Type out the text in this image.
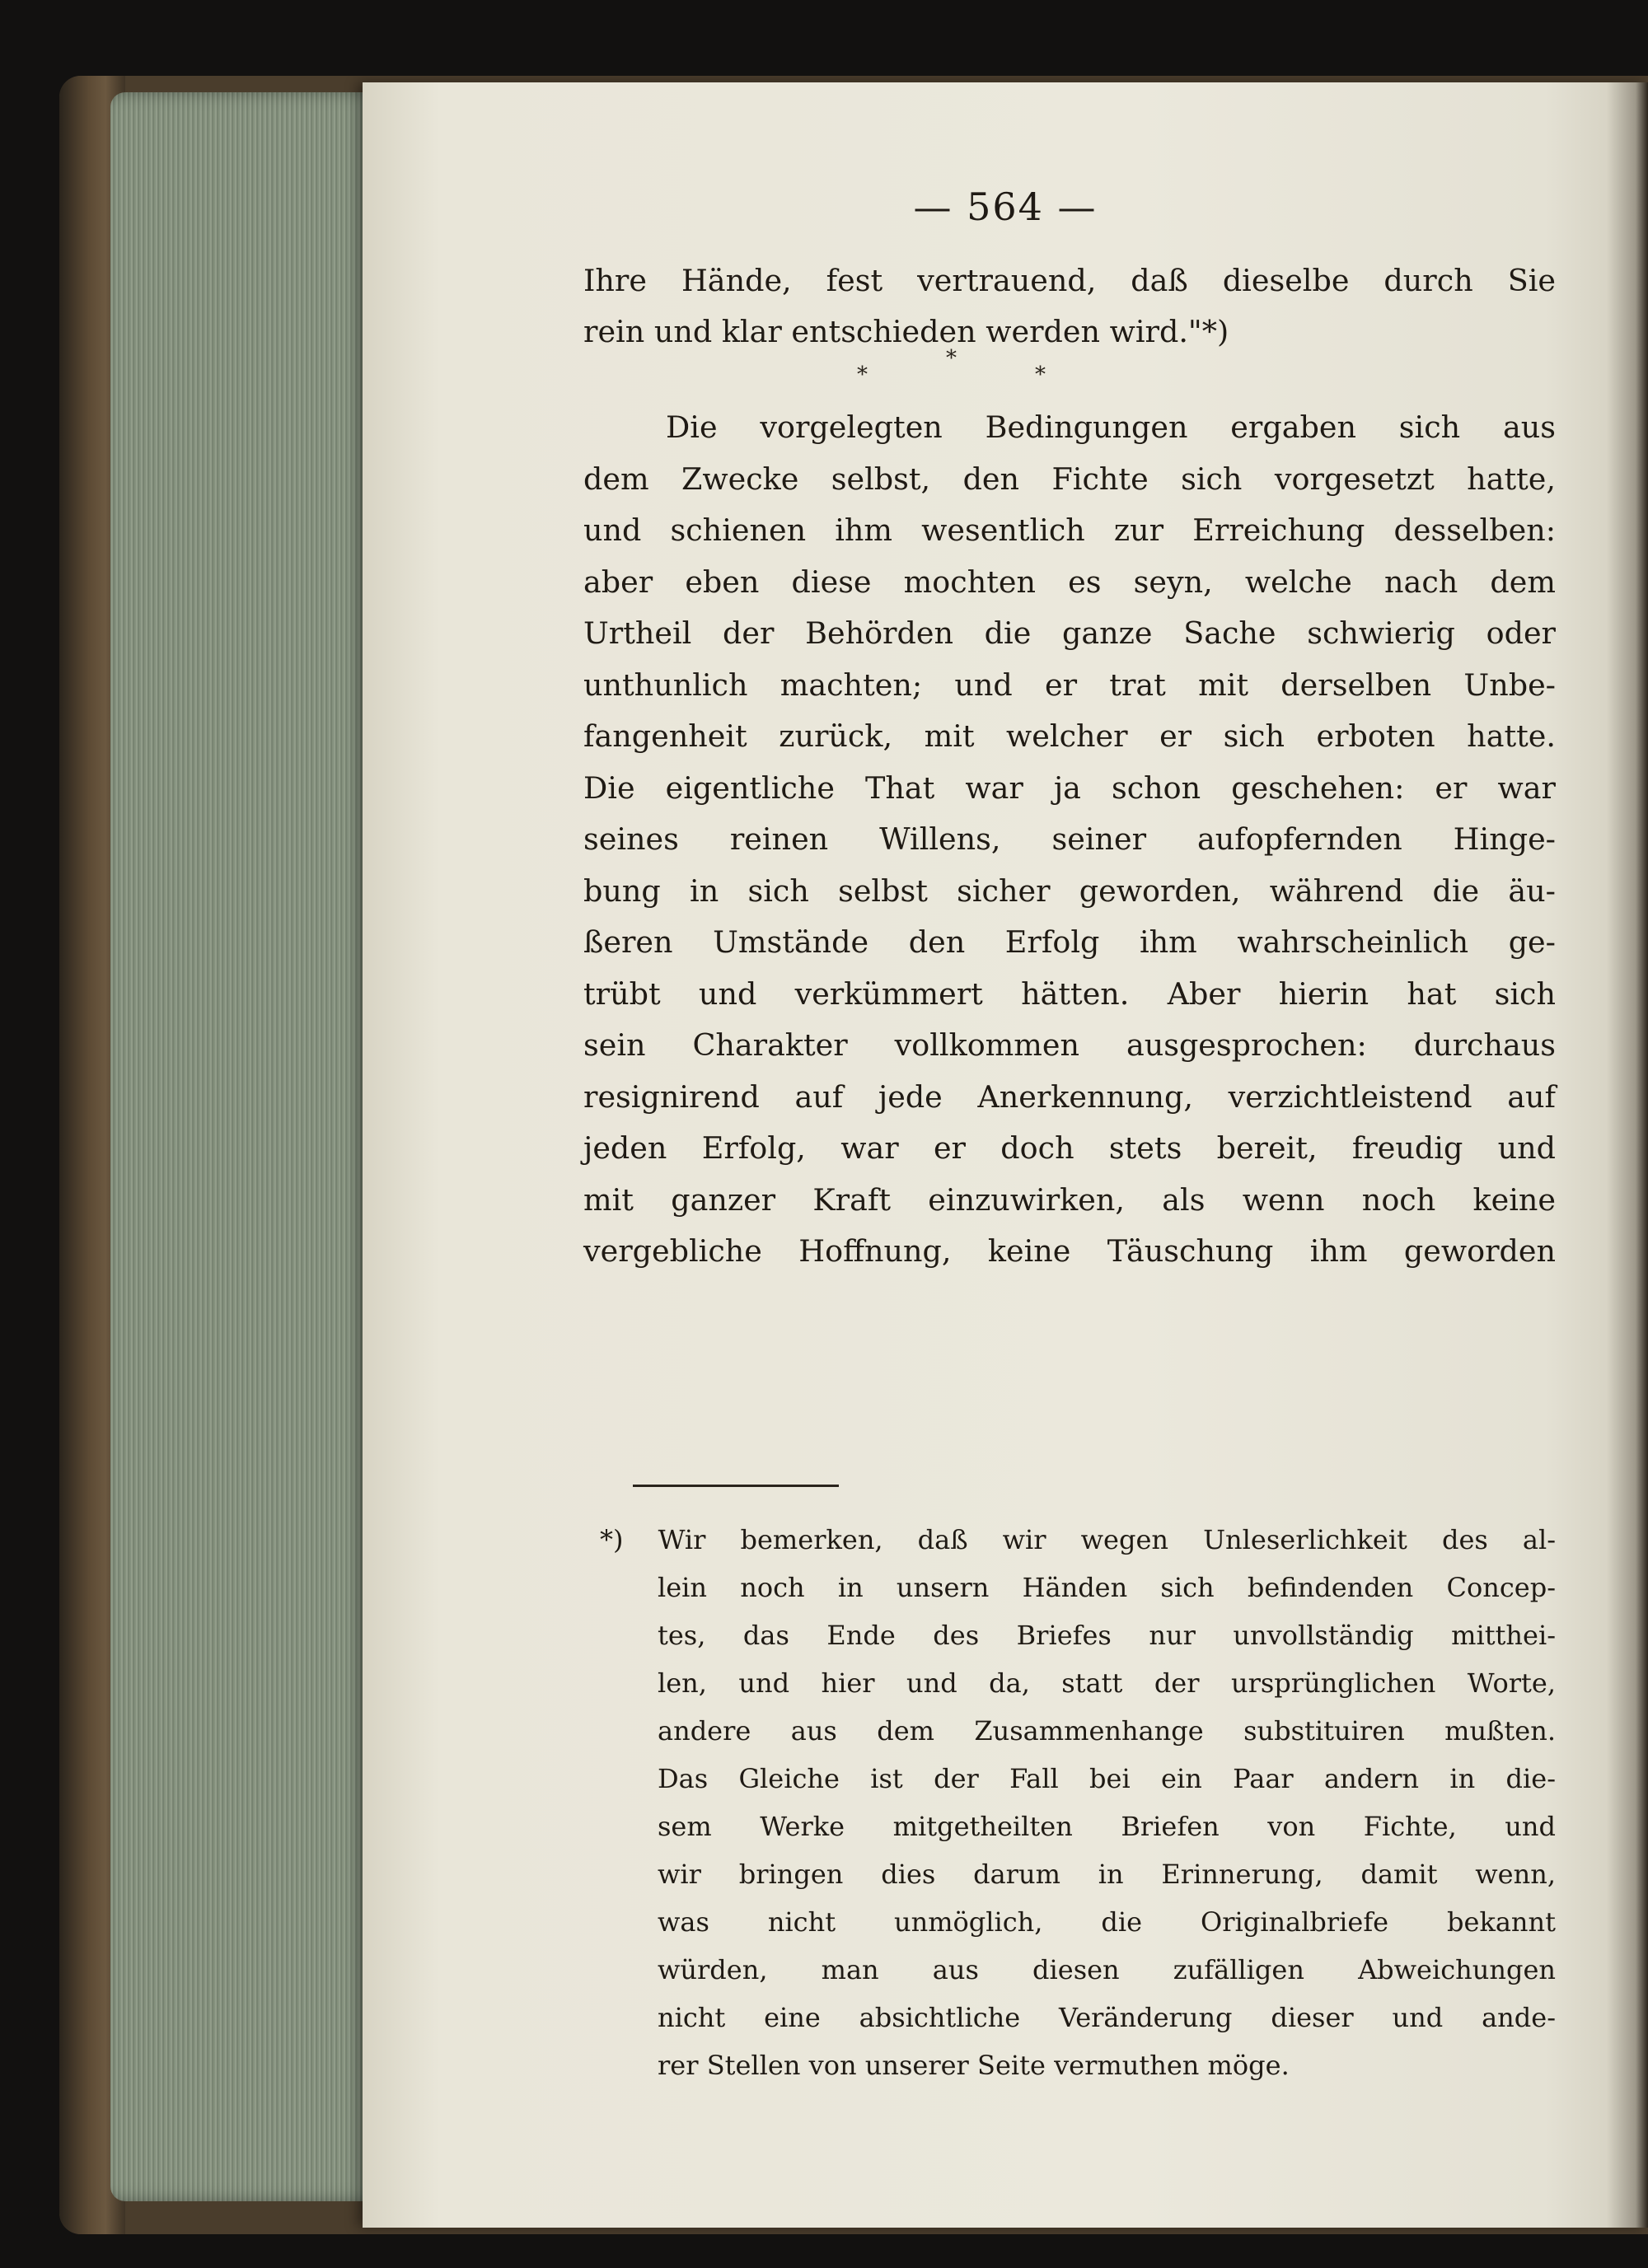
— 564 —
Ihre Hände, fest vertrauend, daß dieselbe durch Sie
rein und klar entschieden werden wird."*)
*
*
*
Die vorgelegten Bedingungen ergaben sich aus
dem Zwecke selbst, den Fichte sich vorgesetzt hatte,
und schienen ihm wesentlich zur Erreichung desselben:
aber eben diese mochten es seyn, welche nach dem
Urtheil der Behörden die ganze Sache schwierig oder
unthunlich machten; und er trat mit derselben Unbe-
fangenheit zurück, mit welcher er sich erboten hatte.
Die eigentliche That war ja schon geschehen: er war
seines reinen Willens, seiner aufopfernden Hinge-
bung in sich selbst sicher geworden, während die äu-
ßeren Umstände den Erfolg ihm wahrscheinlich ge-
trübt und verkümmert hätten. Aber hierin hat sich
sein Charakter vollkommen ausgesprochen: durchaus
resignirend auf jede Anerkennung, verzichtleistend auf
jeden Erfolg, war er doch stets bereit, freudig und
mit ganzer Kraft einzuwirken, als wenn noch keine
vergebliche Hoffnung, keine Täuschung ihm geworden
*) Wir bemerken, daß wir wegen Unleserlichkeit des al-
lein noch in unsern Händen sich befindenden Concep-
tes, das Ende des Briefes nur unvollständig mitthei-
len, und hier und da, statt der ursprünglichen Worte,
andere aus dem Zusammenhange substituiren mußten.
Das Gleiche ist der Fall bei ein Paar andern in die-
sem Werke mitgetheilten Briefen von Fichte, und
wir bringen dies darum in Erinnerung, damit wenn,
was nicht unmöglich, die Originalbriefe bekannt
würden, man aus diesen zufälligen Abweichungen
nicht eine absichtliche Veränderung dieser und ande-
rer Stellen von unserer Seite vermuthen möge.
